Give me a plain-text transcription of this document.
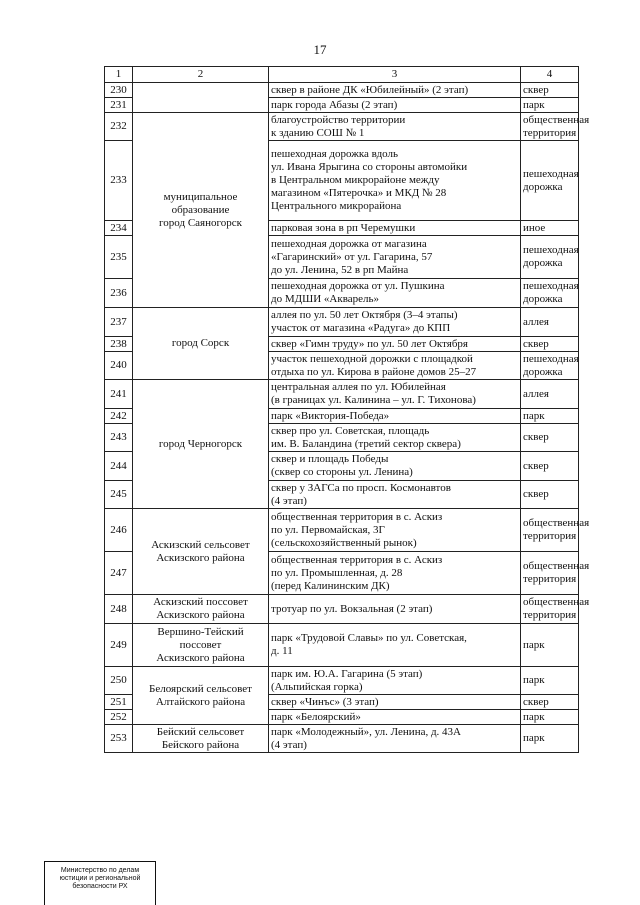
17
1	2	3	4
230		сквер в районе ДК «Юбилейный» (2 этап)	сквер
231		парк города Абазы (2 этап)	парк
232	муниципальное
образование
город Саяногорск	благоустройство территории
к зданию СОШ № 1	общественная
территория
233		пешеходная дорожка вдоль
ул. Ивана Ярыгина со стороны автомойки
в Центральном микрорайоне между
магазином «Пятерочка» и МКД № 28
Центрального микрорайона	пешеходная
дорожка
234		парковая зона в рп Черемушки	иное
235		пешеходная дорожка от магазина
«Гагаринский» от ул. Гагарина, 57
до ул. Ленина, 52 в рп Майна	пешеходная
дорожка
236		пешеходная дорожка от ул. Пушкина
до МДШИ «Акварель»	пешеходная
дорожка
237	город Сорск	аллея по ул. 50 лет Октября (3–4 этапы)
участок от магазина «Радуга» до КПП	аллея
238		сквер «Гимн труду» по ул. 50 лет Октября	сквер
240		участок пешеходной дорожки с площадкой
отдыха по ул. Кирова в районе домов 25–27	пешеходная
дорожка
241	город Черногорск	центральная аллея по ул. Юбилейная
(в границах ул. Калинина – ул. Г. Тихонова)	аллея
242		парк «Виктория-Победа»	парк
243		сквер про ул. Советская, площадь
им. В. Баландина (третий сектор сквера)	сквер
244		сквер и площадь Победы
(сквер со стороны ул. Ленина)	сквер
245		сквер у ЗАГСа по просп. Космонавтов
(4 этап)	сквер
246	Аскизский сельсовет
Аскизского района	общественная территория в с. Аскиз
по ул. Первомайская, 3Г
(сельскохозяйственный рынок)	общественная
территория
247		общественная территория в с. Аскиз
по ул. Промышленная, д. 28
(перед Калининским ДК)	общественная
территория
248	Аскизский поссовет
Аскизского района	тротуар по ул. Вокзальная (2 этап)	общественная
территория
249	Вершино-Тейский
поссовет
Аскизского района	парк «Трудовой Славы» по ул. Советская,
д. 11	парк
250	Белоярский сельсовет
Алтайского района	парк им. Ю.А. Гагарина (5 этап)
(Альпийская горка)	парк
251		сквер «Чинъс» (3 этап)	сквер
252		парк «Белоярский»	парк
253	Бейский сельсовет
Бейского района	парк «Молодежный», ул. Ленина, д. 43А
(4 этап)	парк
Министерство по делам
юстиции и региональной
безопасности РХ
